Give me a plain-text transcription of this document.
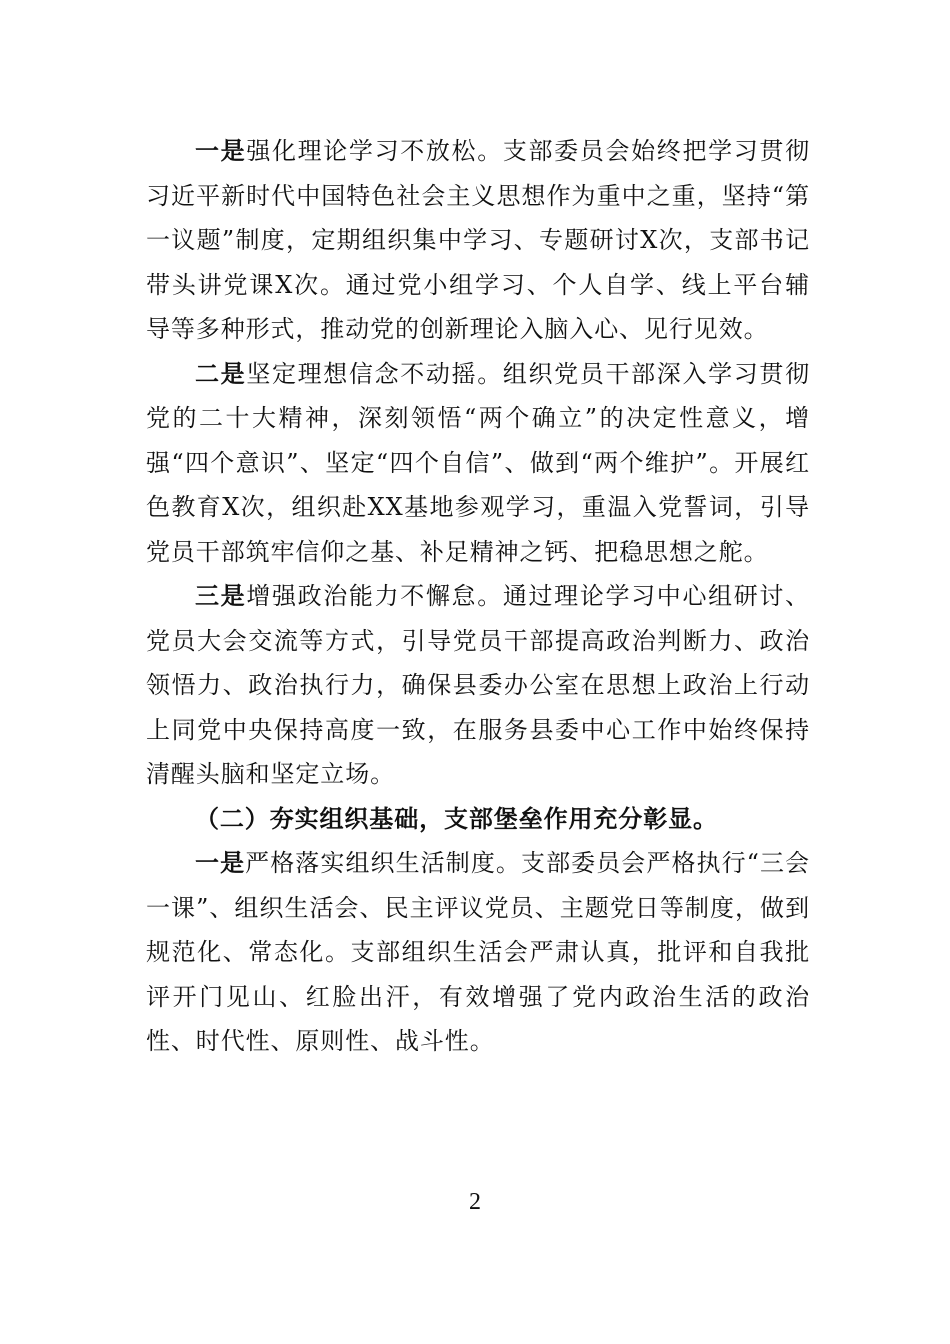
一是强化理论学习不放松。支部委员会始终把学习贯彻习近平新时代中国特色社会主义思想作为重中之重，坚持“第一议题”制度，定期组织集中学习、专题研讨X次，支部书记带头讲党课X次。通过党小组学习、个人自学、线上平台辅导等多种形式，推动党的创新理论入脑入心、见行见效。

二是坚定理想信念不动摇。组织党员干部深入学习贯彻党的二十大精神，深刻领悟“两个确立”的决定性意义，增强“四个意识”、坚定“四个自信”、做到“两个维护”。开展红色教育X次，组织赴XX基地参观学习，重温入党誓词，引导党员干部筑牢信仰之基、补足精神之钙、把稳思想之舵。

三是增强政治能力不懈怠。通过理论学习中心组研讨、党员大会交流等方式，引导党员干部提高政治判断力、政治领悟力、政治执行力，确保县委办公室在思想上政治上行动上同党中央保持高度一致，在服务县委中心工作中始终保持清醒头脑和坚定立场。

（二）夯实组织基础，支部堡垒作用充分彰显。

一是严格落实组织生活制度。支部委员会严格执行“三会一课”、组织生活会、民主评议党员、主题党日等制度，做到规范化、常态化。支部组织生活会严肃认真，批评和自我批评开门见山、红脸出汗，有效增强了党内政治生活的政治性、时代性、原则性、战斗性。

2
